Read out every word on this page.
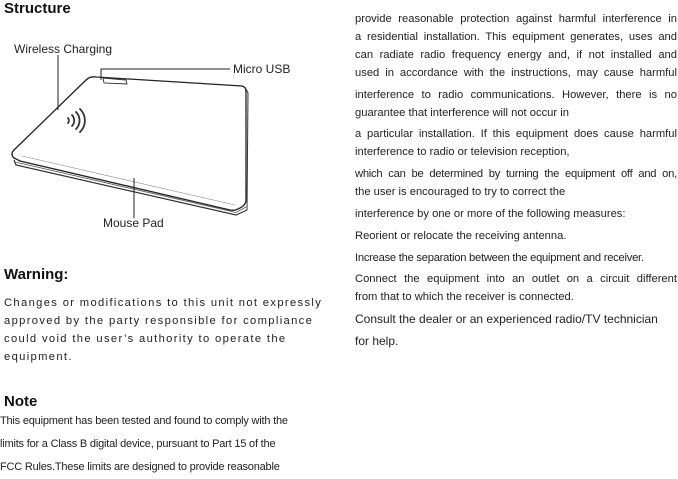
Structure
Wireless Charging
Micro USB
Mouse Pad
Warning:
Changes or modifications to this unit not expressly
approved by the party responsible for compliance
could void the user’s authority to operate the
equipment.
Note
This equipment has been tested and found to comply with the
limits for a Class B digital device, pursuant to Part 15 of the
FCC Rules.These limits are designed to provide reasonable
provide reasonable protection against harmful interference in
a residential installation. This equipment generates, uses and
can radiate radio frequency energy and, if not installed and
used in accordance with the instructions, may cause harmful
interference to radio communications. However, there is no
guarantee that interference will not occur in
a particular installation. If this equipment does cause harmful
interference to radio or television reception,
which can be determined by turning the equipment off and on,
the user is encouraged to try to correct the
interference by one or more of the following measures:
Reorient or relocate the receiving antenna.
Increase the separation between the equipment and receiver.
Connect the equipment into an outlet on a circuit different
from that to which the receiver is connected.
Consult the dealer or an experienced radio/TV technician
for help.
